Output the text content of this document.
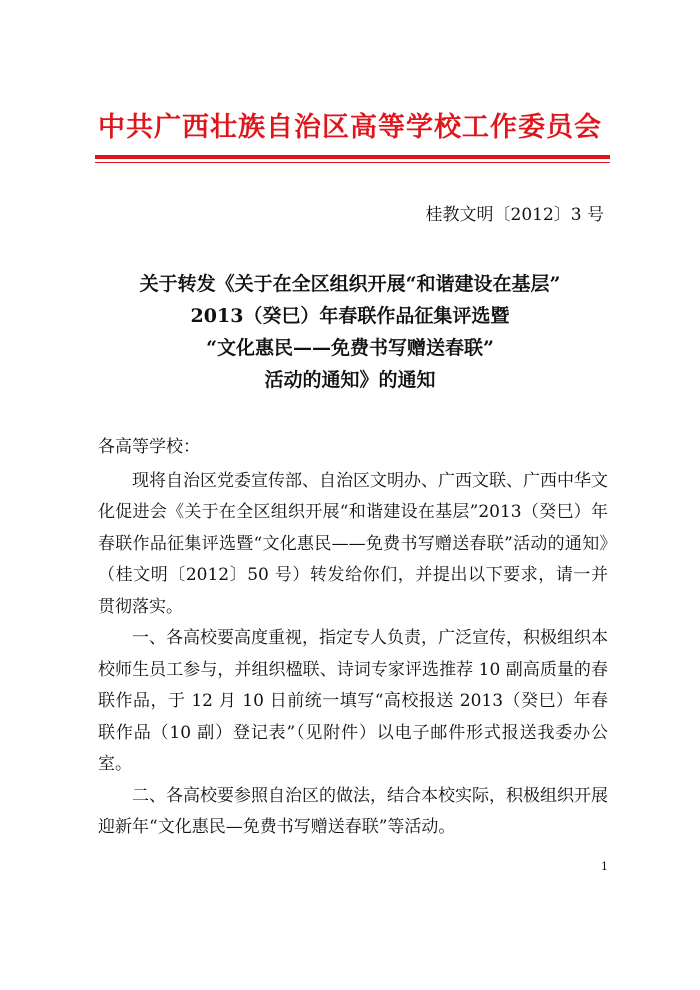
中共广西壮族自治区高等学校工作委员会
桂教文明〔2012〕3 号
关于转发《关于在全区组织开展“和谐建设在基层”
2013（癸巳）年春联作品征集评选暨
“文化惠民——免费书写赠送春联”
活动的通知》的通知

各高等学校：

现将自治区党委宣传部、自治区文明办、广西文联、广西中华文化促进会《关于在全区组织开展“和谐建设在基层”2013（癸巳）年春联作品征集评选暨“文化惠民——免费书写赠送春联”活动的通知》（桂文明〔2012〕50 号）转发给你们，并提出以下要求，请一并贯彻落实。

一、各高校要高度重视，指定专人负责，广泛宣传，积极组织本校师生员工参与，并组织楹联、诗词专家评选推荐 10 副高质量的春联作品，于 12 月 10 日前统一填写“高校报送 2013（癸巳）年春联作品（10 副）登记表”（见附件）以电子邮件形式报送我委办公室。

二、各高校要参照自治区的做法，结合本校实际，积极组织开展迎新年“文化惠民—免费书写赠送春联”等活动。

1
